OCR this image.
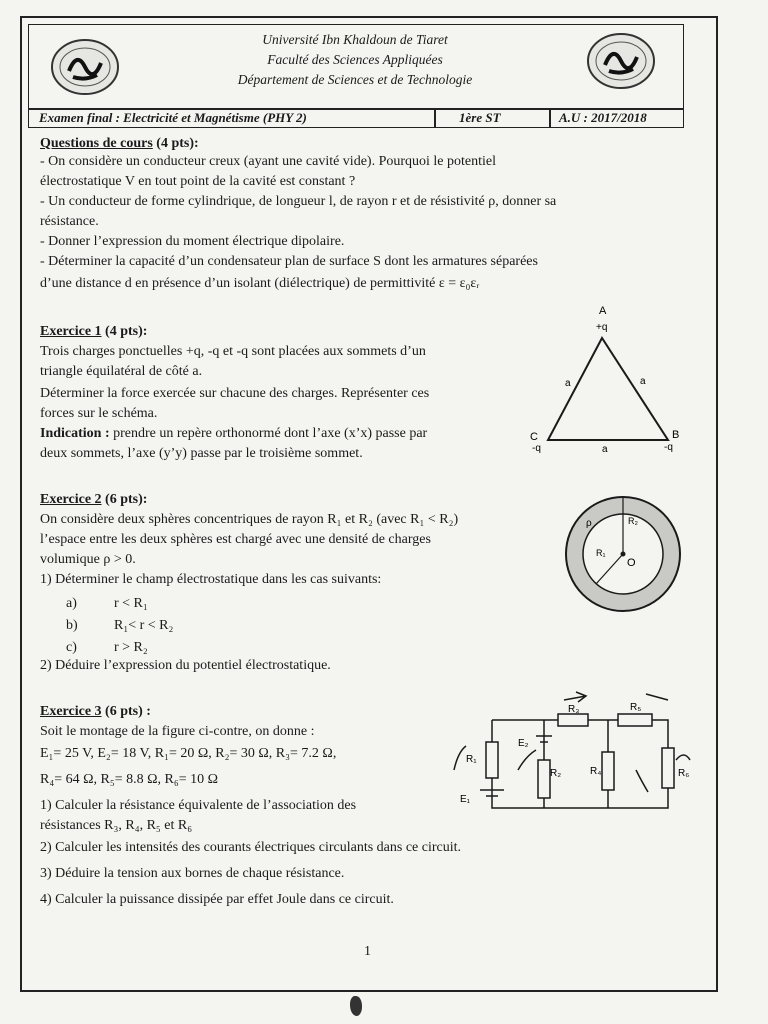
Université Ibn Khaldoun de Tiaret
Faculté des Sciences Appliquées
Département de Sciences et de Technologie
Examen final : Electricité et Magnétisme (PHY 2)	1ère ST	A.U : 2017/2018
Questions de cours (4 pts):
- On considère un conducteur creux (ayant une cavité vide). Pourquoi le potentiel
électrostatique V en tout point de la cavité est constant ?
- Un conducteur de forme cylindrique, de longueur l, de rayon r et de résistivité ρ, donner sa
résistance.
- Donner l’expression du moment électrique dipolaire.
- Déterminer la capacité d’un condensateur plan de surface S dont les armatures séparées
d’une distance d en présence d’un isolant (diélectrique) de permittivité ε = ε₀εᵣ
Exercice 1 (4 pts):
Trois charges ponctuelles +q, -q et -q sont placées aux sommets d’un
triangle équilatéral de côté a.
Déterminer la force exercée sur chacune des charges. Représenter ces
forces sur le schéma.
Indication : prendre un repère orthonormé dont l’axe (x’x) passe par
deux sommets, l’axe (y’y) passe par le troisième sommet.
A
+q
B
-q
C
-q
a	a
a
Exercice 2 (6 pts):
On considère deux sphères concentriques de rayon R₁ et R₂ (avec R₁ < R₂)
l’espace entre les deux sphères est chargé avec une densité de charges
volumique ρ > 0.
1) Déterminer le champ électrostatique dans les cas suivants:
a)	r < R₁
b)	R₁< r < R₂
c)	r > R₂
2) Déduire l’expression du potentiel électrostatique.
ρ	R₂
R₁
O
Exercice 3 (6 pts) :
Soit le montage de la figure ci-contre, on donne :
E₁= 25 V, E₂= 18 V, R₁= 20 Ω, R₂= 30 Ω, R₃= 7.2 Ω,
R₄= 64 Ω, R₅= 8.8 Ω, R₆= 10 Ω
1) Calculer la résistance équivalente de l’association des
résistances R₃, R₄, R₅ et R₆
2) Calculer les intensités des courants électriques circulants dans ce circuit.
3) Déduire la tension aux bornes de chaque résistance.
4) Calculer la puissance dissipée par effet Joule dans ce circuit.
R₁
R₂
R₃
R₄
R₅
R₆
E₁
E₂
1
